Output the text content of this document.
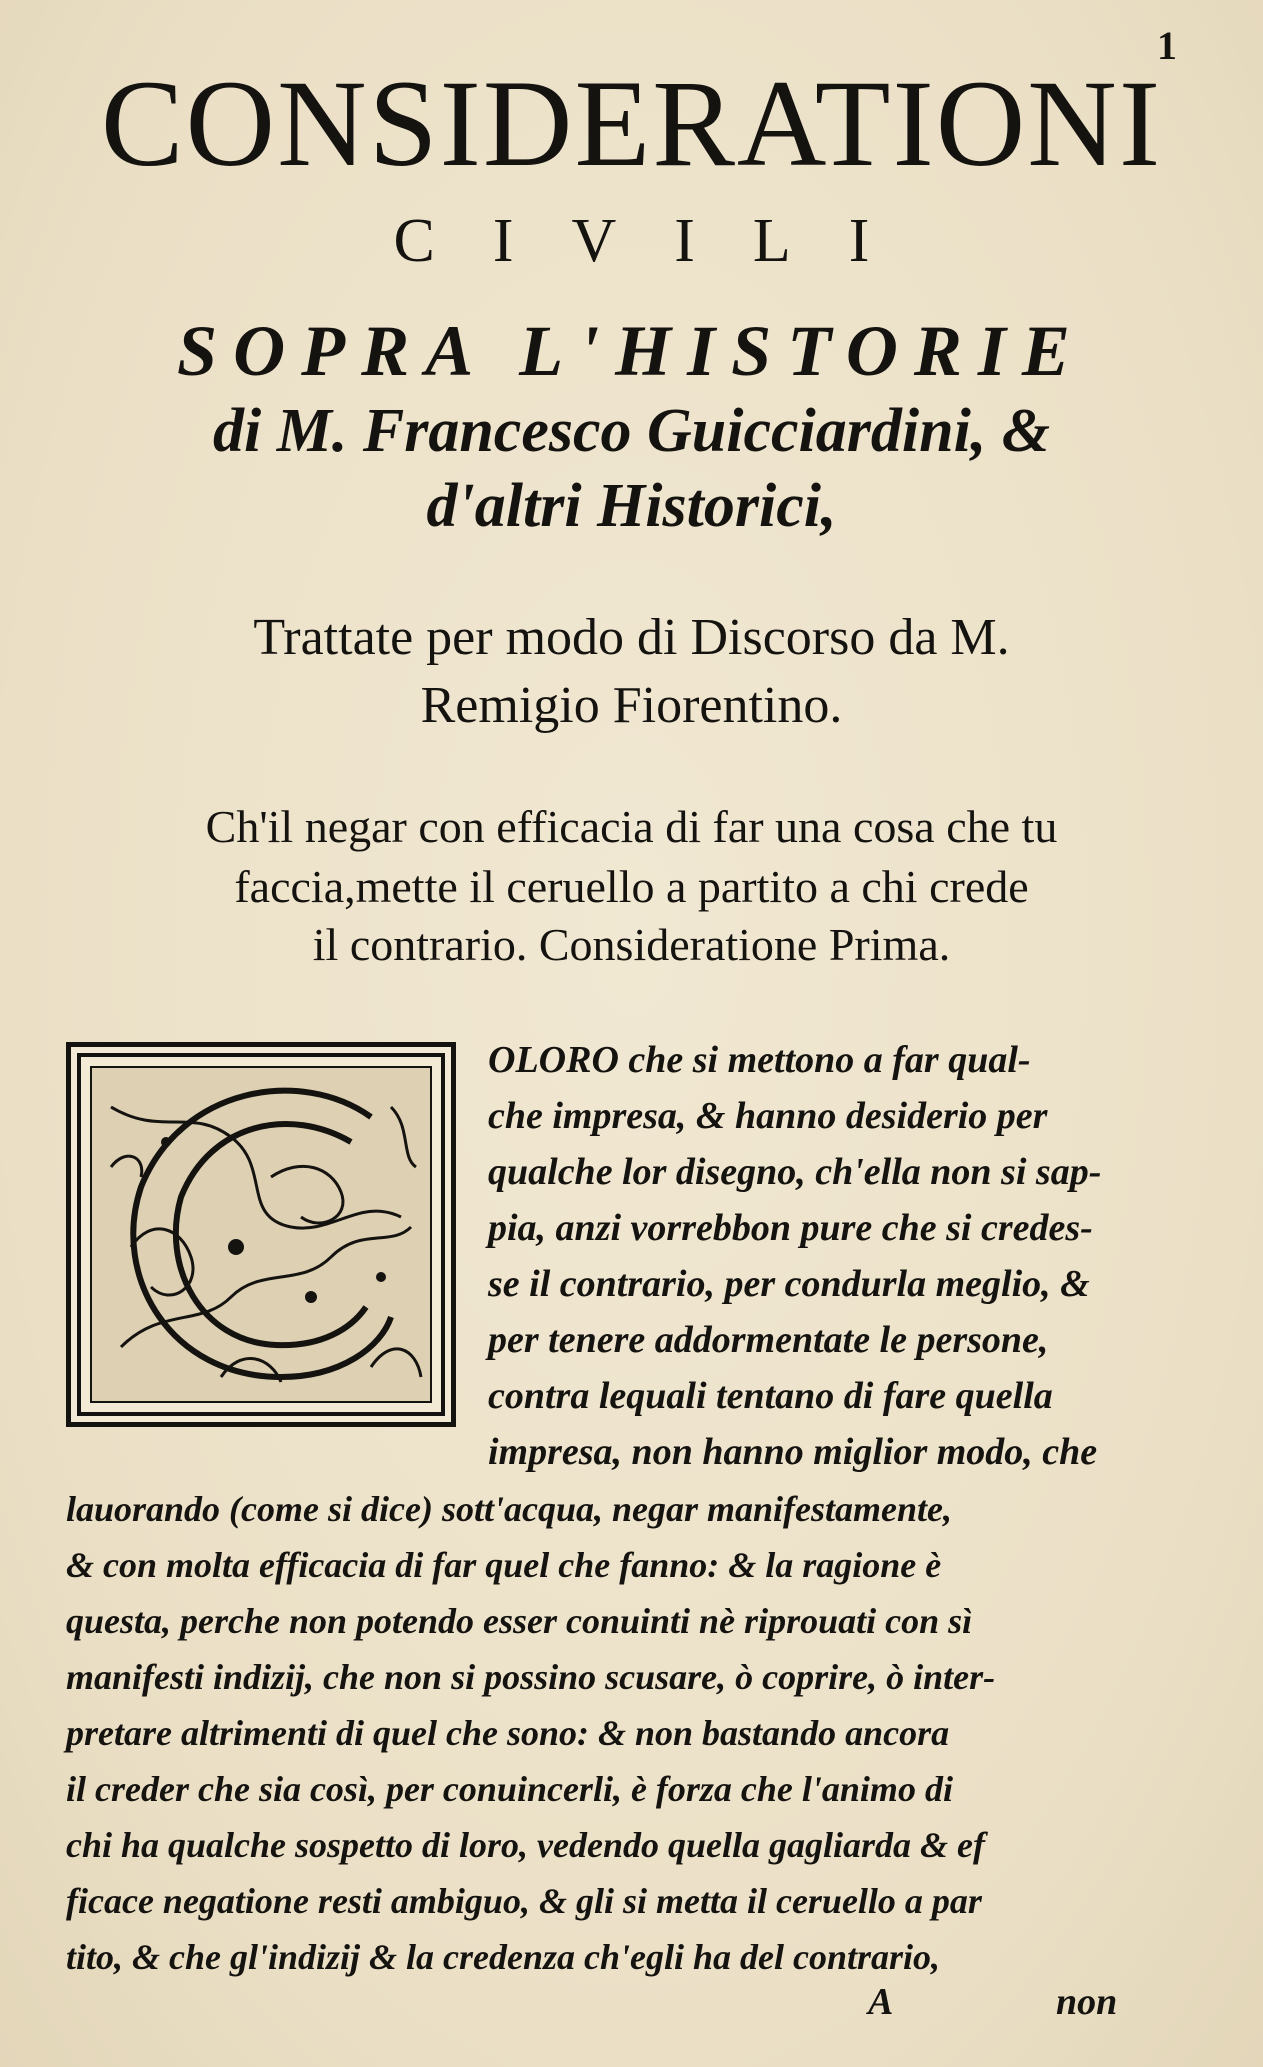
1
CONSIDERATIONI
CIVILI
SOPRA L'HISTORIE
di M. Francesco Guicciardini, &
d'altri Historici,
Trattate per modo di Discorso da M.
Remigio Fiorentino.
Ch'il negar con efficacia di far una cosa che tu
faccia,mette il ceruello a partito a chi crede
il contrario. Consideratione Prima.
OLORO che si mettono a far qual-
che impresa, & hanno desiderio per
qualche lor disegno, ch'ella non si sap-
pia, anzi vorrebbon pure che si credes-
se il contrario, per condurla meglio, &
per tenere addormentate le persone,
contra lequali tentano di fare quella
impresa, non hanno miglior modo, che
lauorando (come si dice) sott'acqua, negar manifestamente,
& con molta efficacia di far quel che fanno: & la ragione è
questa, perche non potendo esser conuinti nè riprouati con sì
manifesti indizij, che non si possino scusare, ò coprire, ò inter-
pretare altrimenti di quel che sono: & non bastando ancora
il creder che sia così, per conuincerli, è forza che l'animo di
chi ha qualche sospetto di loro, vedendo quella gagliarda & ef
ficace negatione resti ambiguo, & gli si metta il ceruello a par
tito, & che gl'indizij & la credenza ch'egli ha del contrario,
A	non
